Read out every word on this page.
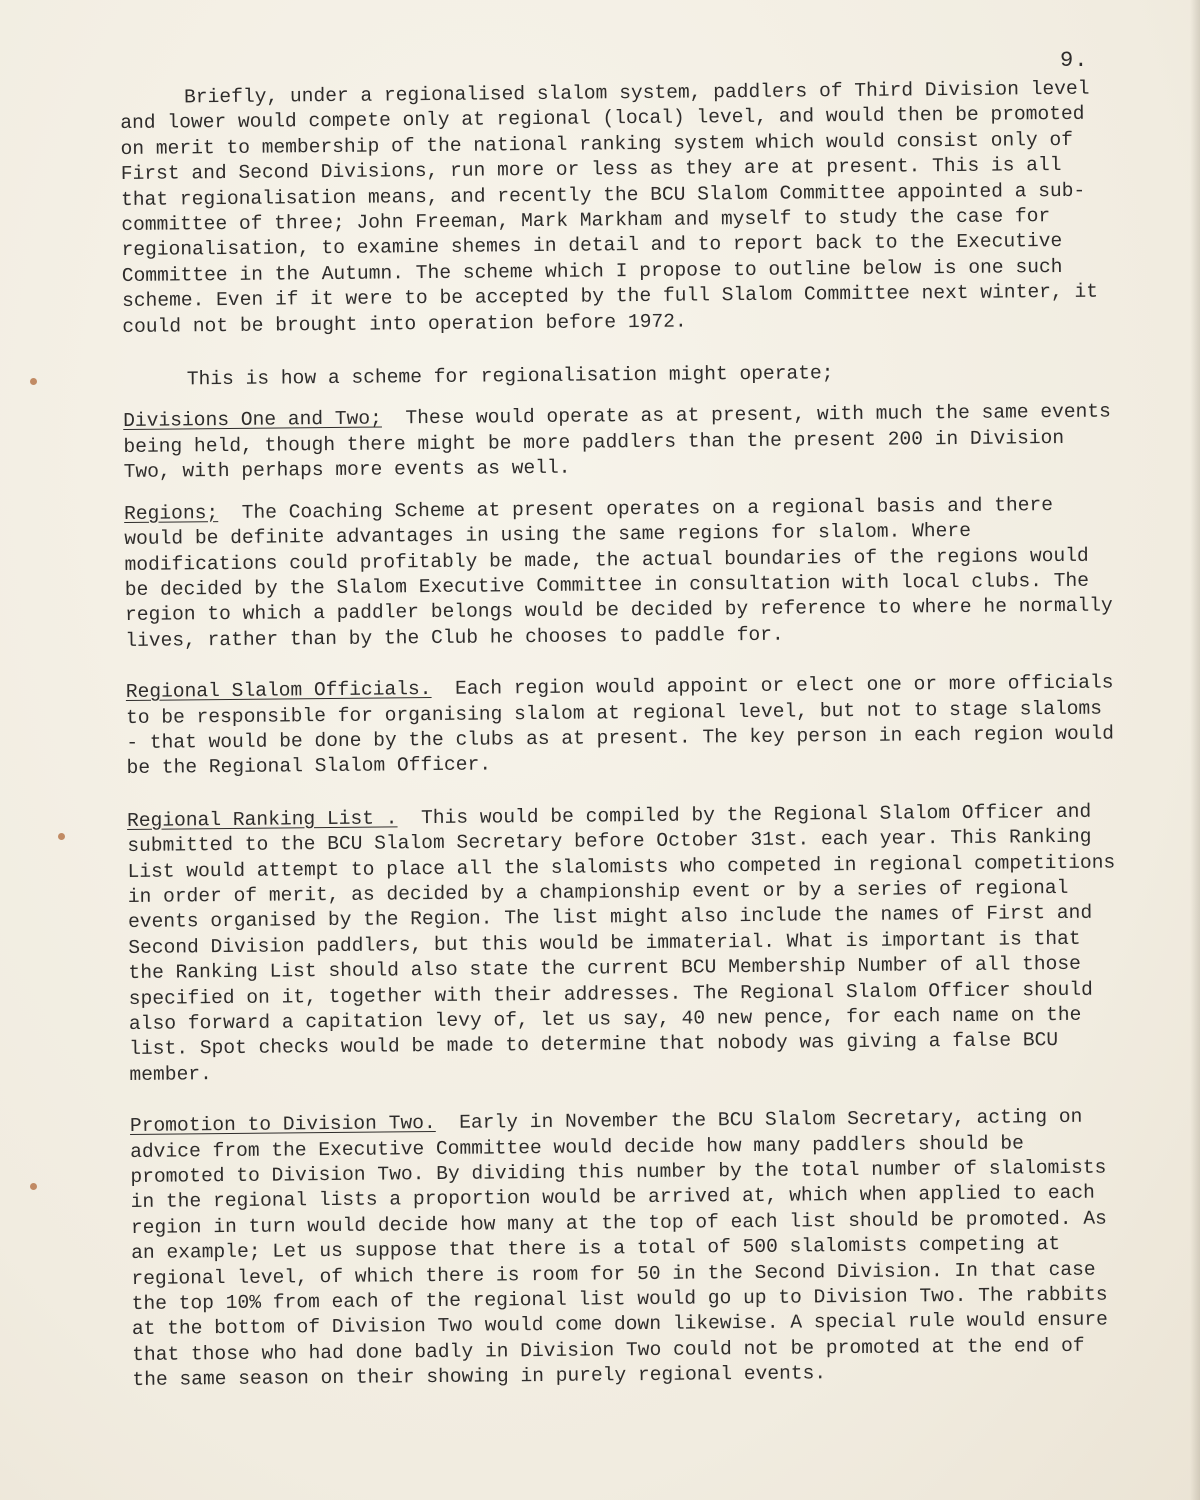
9.

Briefly, under a regionalised slalom system, paddlers of Third Division level and lower would compete only at regional (local) level, and would then be promoted on merit to membership of the national ranking system which would consist only of First and Second Divisions, run more or less as they are at present. This is all that regionalisation means, and recently the BCU Slalom Committee appointed a sub-committee of three; John Freeman, Mark Markham and myself to study the case for regionalisation, to examine shemes in detail and to report back to the Executive Committee in the Autumn. The scheme which I propose to outline below is one such scheme. Even if it were to be accepted by the full Slalom Committee next winter, it could not be brought into operation before 1972.

This is how a scheme for regionalisation might operate;

Divisions One and Two; These would operate as at present, with much the same events being held, though there might be more paddlers than the present 200 in Division Two, with perhaps more events as well.

Regions; The Coaching Scheme at present operates on a regional basis and there would be definite advantages in using the same regions for slalom. Where modifications could profitably be made, the actual boundaries of the regions would be decided by the Slalom Executive Committee in consultation with local clubs. The region to which a paddler belongs would be decided by reference to where he normally lives, rather than by the Club he chooses to paddle for.

Regional Slalom Officials. Each region would appoint or elect one or more officials to be responsible for organising slalom at regional level, but not to stage slaloms - that would be done by the clubs as at present. The key person in each region would be the Regional Slalom Officer.

Regional Ranking List . This would be compiled by the Regional Slalom Officer and submitted to the BCU Slalom Secretary before October 31st. each year. This Ranking List would attempt to place all the slalomists who competed in regional competitions in order of merit, as decided by a championship event or by a series of regional events organised by the Region. The list might also include the names of First and Second Division paddlers, but this would be immaterial. What is important is that the Ranking List should also state the current BCU Membership Number of all those specified on it, together with their addresses. The Regional Slalom Officer should also forward a capitation levy of, let us say, 40 new pence, for each name on the list. Spot checks would be made to determine that nobody was giving a false BCU member.

Promotion to Division Two. Early in November the BCU Slalom Secretary, acting on advice from the Executive Committee would decide how many paddlers should be promoted to Division Two. By dividing this number by the total number of slalomists in the regional lists a proportion would be arrived at, which when applied to each region in turn would decide how many at the top of each list should be promoted. As an example; Let us suppose that there is a total of 500 slalomists competing at regional level, of which there is room for 50 in the Second Division. In that case the top 10% from each of the regional list would go up to Division Two. The rabbits at the bottom of Division Two would come down likewise. A special rule would ensure that those who had done badly in Division Two could not be promoted at the end of the same season on their showing in purely regional events.
